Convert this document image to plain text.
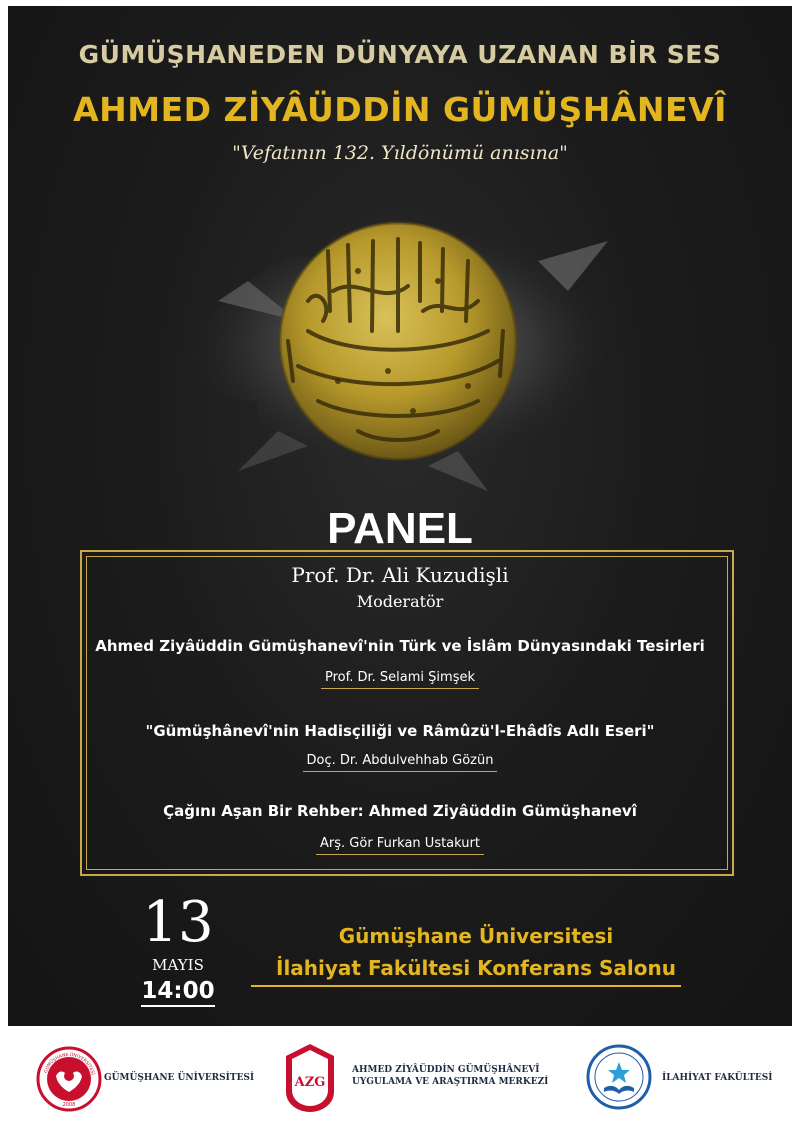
GÜMÜŞHANEDEN DÜNYAYA UZANAN BİR SES
AHMED ZİYÂÜDDİN GÜMÜŞHÂNEVÎ
"Vefatının 132. Yıldönümü anısına"
PANEL
Prof. Dr. Ali Kuzudişli
Moderatör
Ahmed Ziyâüddin Gümüşhanevî'nin Türk ve İslâm Dünyasındaki Tesirleri
Prof. Dr. Selami Şimşek
"Gümüşhânevî'nin Hadisçiliği ve Râmûzü'l-Ehâdîs Adlı Eseri"
Doç. Dr. Abdulvehhab Gözün
Çağını Aşan Bir Rehber: Ahmed Ziyâüddin Gümüşhanevî
Arş. Gör Furkan Ustakurt
13
MAYIS
14:00
Gümüşhane Üniversitesi
İlahiyat Fakültesi Konferans Salonu
GÜMÜŞHANE ÜNİVERSİTESİ
2008
GÜMÜŞHANE ÜNİVERSİTESİ	AZG
AHMED ZİYÂÜDDİN GÜMÜŞHÂNEVÎ
UYGULAMA VE ARAŞTIRMA MERKEZİ	İLAHİYAT FAKÜLTESİ
